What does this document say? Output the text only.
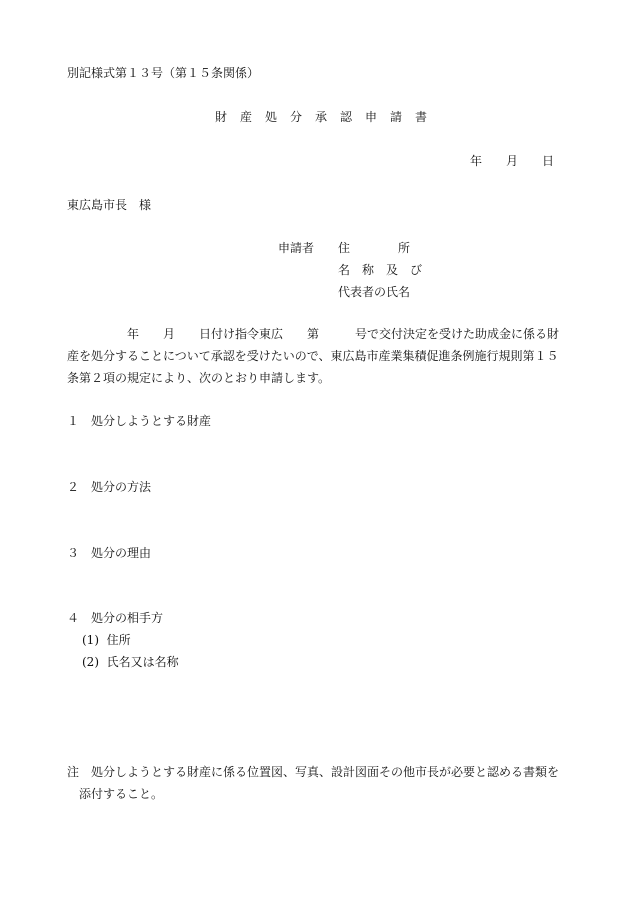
別記様式第１３号（第１５条関係）
財　産　処　分　承　認　申　請　書
年　　月　　日
東広島市長　様
申請者 住　　　　所
名　称　及　び
代表者の氏名
　　　　　年　　月　　日付け指令東広　　第　　　号で交付決定を受けた助成金に係る財
産を処分することについて承認を受けたいので、東広島市産業集積促進条例施行規則第１５
条第２項の規定により、次のとおり申請します。
１　処分しようとする財産
２　処分の方法
３　処分の理由
４　処分の相手方
(1)  住所
(2)  氏名又は名称
注　処分しようとする財産に係る位置図、写真、設計図面その他市長が必要と認める書類を
　添付すること。
